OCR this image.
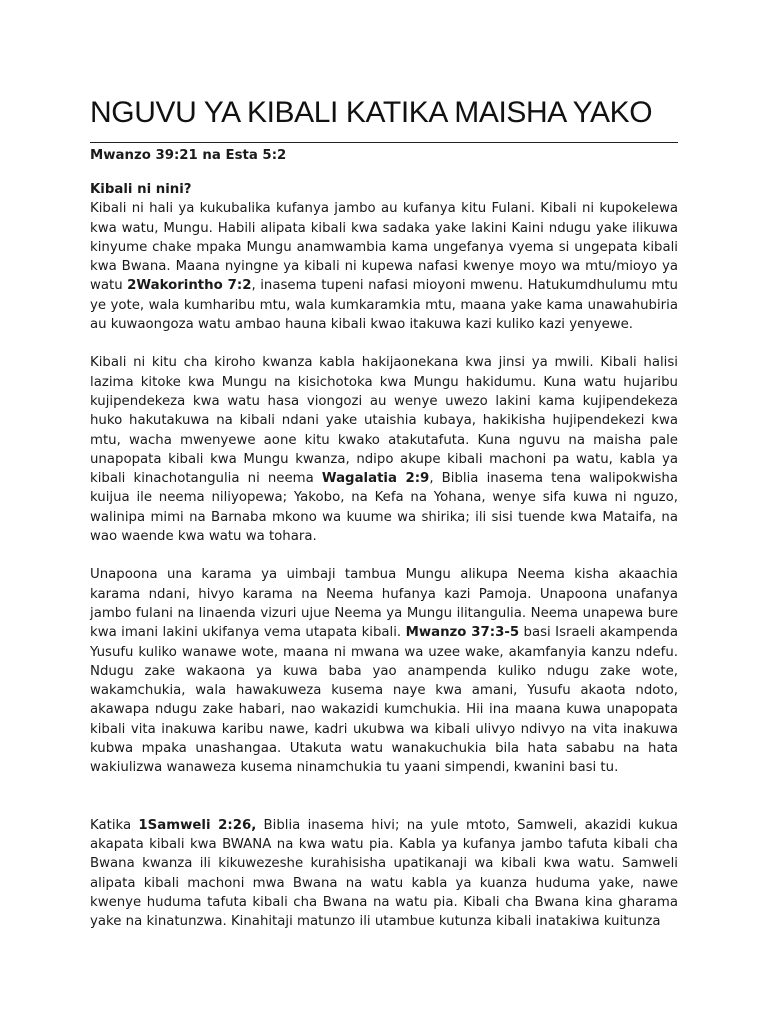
NGUVU YA KIBALI KATIKA MAISHA YAKO

Mwanzo 39:21 na Esta 5:2

Kibali ni nini?

Kibali ni hali ya kukubalika kufanya jambo au kufanya kitu Fulani. Kibali ni kupokelewa kwa watu, Mungu. Habili alipata kibali kwa sadaka yake lakini Kaini ndugu yake ilikuwa kinyume chake mpaka Mungu anamwambia kama ungefanya vyema si ungepata kibali kwa Bwana. Maana nyingne ya kibali ni kupewa nafasi kwenye moyo wa mtu/mioyo ya watu 2Wakorintho 7:2, inasema tupeni nafasi mioyoni mwenu. Hatukumdhulumu mtu ye yote, wala kumharibu mtu, wala kumkaramkia mtu, maana yake kama unawahubiria au kuwaongoza watu ambao hauna kibali kwao itakuwa kazi kuliko kazi yenyewe.

Kibali ni kitu cha kiroho kwanza kabla hakijaonekana kwa jinsi ya mwili. Kibali halisi lazima kitoke kwa Mungu na kisichotoka kwa Mungu hakidumu. Kuna watu hujaribu kujipendekeza kwa watu hasa viongozi au wenye uwezo lakini kama kujipendekeza huko hakutakuwa na kibali ndani yake utaishia kubaya, hakikisha hujipendekezi kwa mtu, wacha mwenyewe aone kitu kwako atakutafuta. Kuna nguvu na maisha pale unapopata kibali kwa Mungu kwanza, ndipo akupe kibali machoni pa watu, kabla ya kibali kinachotangulia ni neema Wagalatia 2:9, Biblia inasema tena walipokwisha kuijua ile neema niliyopewa; Yakobo, na Kefa na Yohana, wenye sifa kuwa ni nguzo, walinipa mimi na Barnaba mkono wa kuume wa shirika; ili sisi tuende kwa Mataifa, na wao waende kwa watu wa tohara.

Unapoona una karama ya uimbaji tambua Mungu alikupa Neema kisha akaachia karama ndani, hivyo karama na Neema hufanya kazi Pamoja. Unapoona unafanya jambo fulani na linaenda vizuri ujue Neema ya Mungu ilitangulia. Neema unapewa bure kwa imani lakini ukifanya vema utapata kibali. Mwanzo 37:3-5 basi Israeli akampenda Yusufu kuliko wanawe wote, maana ni mwana wa uzee wake, akamfanyia kanzu ndefu. Ndugu zake wakaona ya kuwa baba yao anampenda kuliko ndugu zake wote, wakamchukia, wala hawakuweza kusema naye kwa amani, Yusufu akaota ndoto, akawapa ndugu zake habari, nao wakazidi kumchukia. Hii ina maana kuwa unapopata kibali vita inakuwa karibu nawe, kadri ukubwa wa kibali ulivyo ndivyo na vita inakuwa kubwa mpaka unashangaa. Utakuta watu wanakuchukia bila hata sababu na hata wakiulizwa wanaweza kusema ninamchukia tu yaani simpendi, kwanini basi tu.

Katika 1Samweli 2:26, Biblia inasema hivi; na yule mtoto, Samweli, akazidi kukua akapata kibali kwa BWANA na kwa watu pia. Kabla ya kufanya jambo tafuta kibali cha Bwana kwanza ili kikuwezeshe kurahisisha upatikanaji wa kibali kwa watu. Samweli alipata kibali machoni mwa Bwana na watu kabla ya kuanza huduma yake, nawe kwenye huduma tafuta kibali cha Bwana na watu pia. Kibali cha Bwana kina gharama yake na kinatunzwa. Kinahitaji matunzo ili utambue kutunza kibali inatakiwa kuitunza
